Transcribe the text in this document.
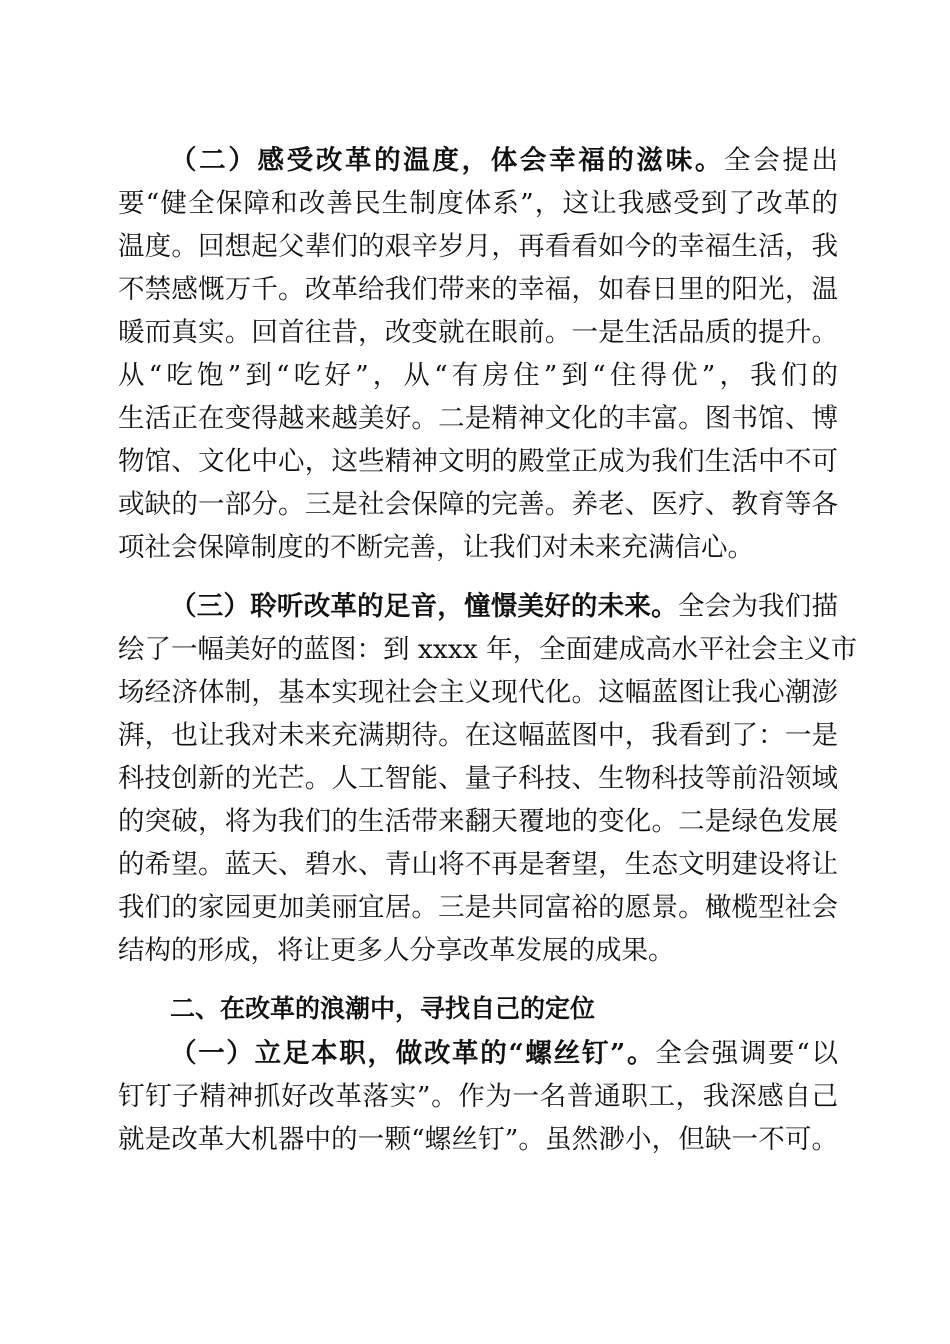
（二）感受改革的温度，体会幸福的滋味。全会提出
要“健全保障和改善民生制度体系”，这让我感受到了改革的
温度。回想起父辈们的艰辛岁月，再看看如今的幸福生活，我
不禁感慨万千。改革给我们带来的幸福，如春日里的阳光，温
暖而真实。回首往昔，改变就在眼前。一是生活品质的提升。
从“吃饱”到“吃好”，从“有房住”到“住得优”，我们的
生活正在变得越来越美好。二是精神文化的丰富。图书馆、博
物馆、文化中心，这些精神文明的殿堂正成为我们生活中不可
或缺的一部分。三是社会保障的完善。养老、医疗、教育等各
项社会保障制度的不断完善，让我们对未来充满信心。
（三）聆听改革的足音，憧憬美好的未来。全会为我们描
绘了一幅美好的蓝图：到 xxxx 年，全面建成高水平社会主义市
场经济体制，基本实现社会主义现代化。这幅蓝图让我心潮澎
湃，也让我对未来充满期待。在这幅蓝图中，我看到了：一是
科技创新的光芒。人工智能、量子科技、生物科技等前沿领域
的突破，将为我们的生活带来翻天覆地的变化。二是绿色发展
的希望。蓝天、碧水、青山将不再是奢望，生态文明建设将让
我们的家园更加美丽宜居。三是共同富裕的愿景。橄榄型社会
结构的形成，将让更多人分享改革发展的成果。
二、在改革的浪潮中，寻找自己的定位
（一）立足本职，做改革的“螺丝钉”。全会强调要“以
钉钉子精神抓好改革落实”。作为一名普通职工，我深感自己
就是改革大机器中的一颗“螺丝钉”。虽然渺小，但缺一不可。
